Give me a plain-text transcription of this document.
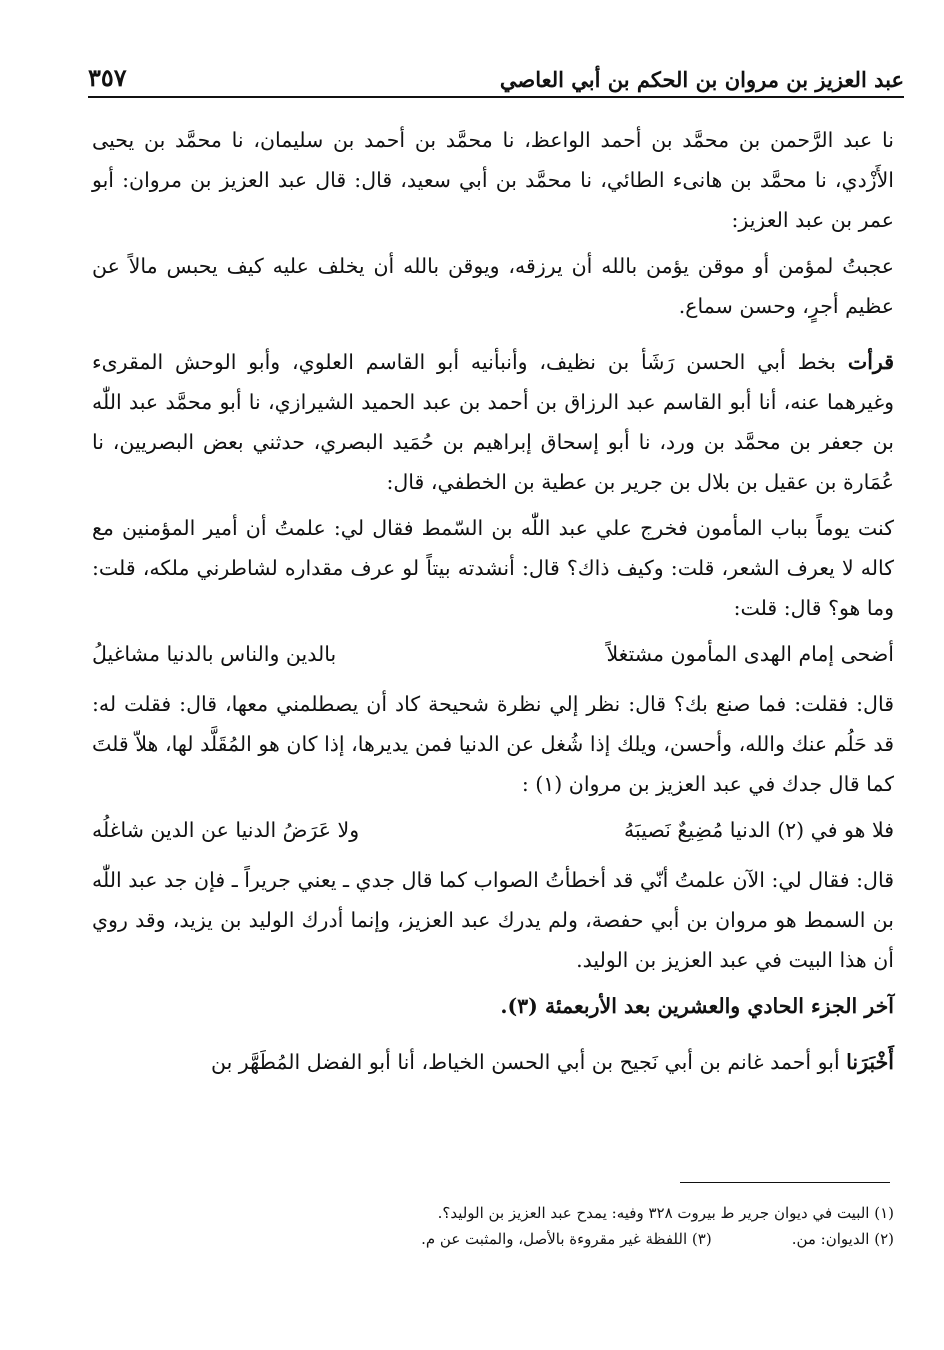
عبد العزيز بن مروان بن الحكم بن أبي العاصي
٣٥٧

نا عبد الرَّحمن بن محمَّد بن أحمد الواعظ، نا محمَّد بن أحمد بن سليمان، نا محمَّد بن يحيى الأَزْدي، نا محمَّد بن هانىء الطائي، نا محمَّد بن أبي سعيد، قال: قال عبد العزيز بن مروان: أبو عمر بن عبد العزيز:

عجبتُ لمؤمن أو موقن يؤمن بالله أن يرزقه، ويوقن بالله أن يخلف عليه كيف يحبس مالاً عن عظيم أجرٍ، وحسن سماع.

قرأت بخط أبي الحسن رَشَأ بن نظيف، وأنبأنيه أبو القاسم العلوي، وأبو الوحش المقرىء وغيرهما عنه، أنا أبو القاسم عبد الرزاق بن أحمد بن عبد الحميد الشيرازي، نا أبو محمَّد عبد اللّٰه بن جعفر بن محمَّد بن ورد، نا أبو إسحاق إبراهيم بن حُمَيد البصري، حدثني بعض البصريين، نا عُمَارة بن عقيل بن بلال بن جرير بن عطية بن الخطفي، قال:

كنت يوماً بباب المأمون فخرج علي عبد اللّٰه بن السّمط فقال لي: علمتُ أن أمير المؤمنين مع كاله لا يعرف الشعر، قلت: وكيف ذاك؟ قال: أنشدته بيتاً لو عرف مقداره لشاطرني ملكه، قلت: وما هو؟ قال: قلت:

أضحى إمام الهدى المأمون مشتغلاً
بالدين والناس بالدنيا مشاغيلُ

قال: فقلت: فما صنع بك؟ قال: نظر إلي نظرة شحيحة كاد أن يصطلمني معها، قال: فقلت له: قد حَلُم عنك والله، وأحسن، ويلك إذا شُغل عن الدنيا فمن يديرها، إذا كان هو المُقَلَّد لها، هلاّ قلتَ كما قال جدك في عبد العزيز بن مروان (١) :

فلا هو في (٢) الدنيا مُضِيعٌ نَصيبَهُ
ولا عَرَضُ الدنيا عن الدين شاغلُه

قال: فقال لي: الآن علمتُ أنّي قد أخطأتُ الصواب كما قال جدي ـ يعني جريراً ـ فإن جد عبد اللّٰه بن السمط هو مروان بن أبي حفصة، ولم يدرك عبد العزيز، وإنما أدرك الوليد بن يزيد، وقد روي أن هذا البيت في عبد العزيز بن الوليد.

آخر الجزء الحادي والعشرين بعد الأربعمئة (٣).

أَخْبَرَنا أبو أحمد غانم بن أبي نَجيح بن أبي الحسن الخياط، أنا أبو الفضل المُطَهَّر بن

(١) البيت في ديوان جرير ط بيروت ٣٢٨ وفيه: يمدح عبد العزيز بن الوليد؟.
(٢) الديوان: من.
(٣) اللفظة غير مقروءة بالأصل، والمثبت عن م.
